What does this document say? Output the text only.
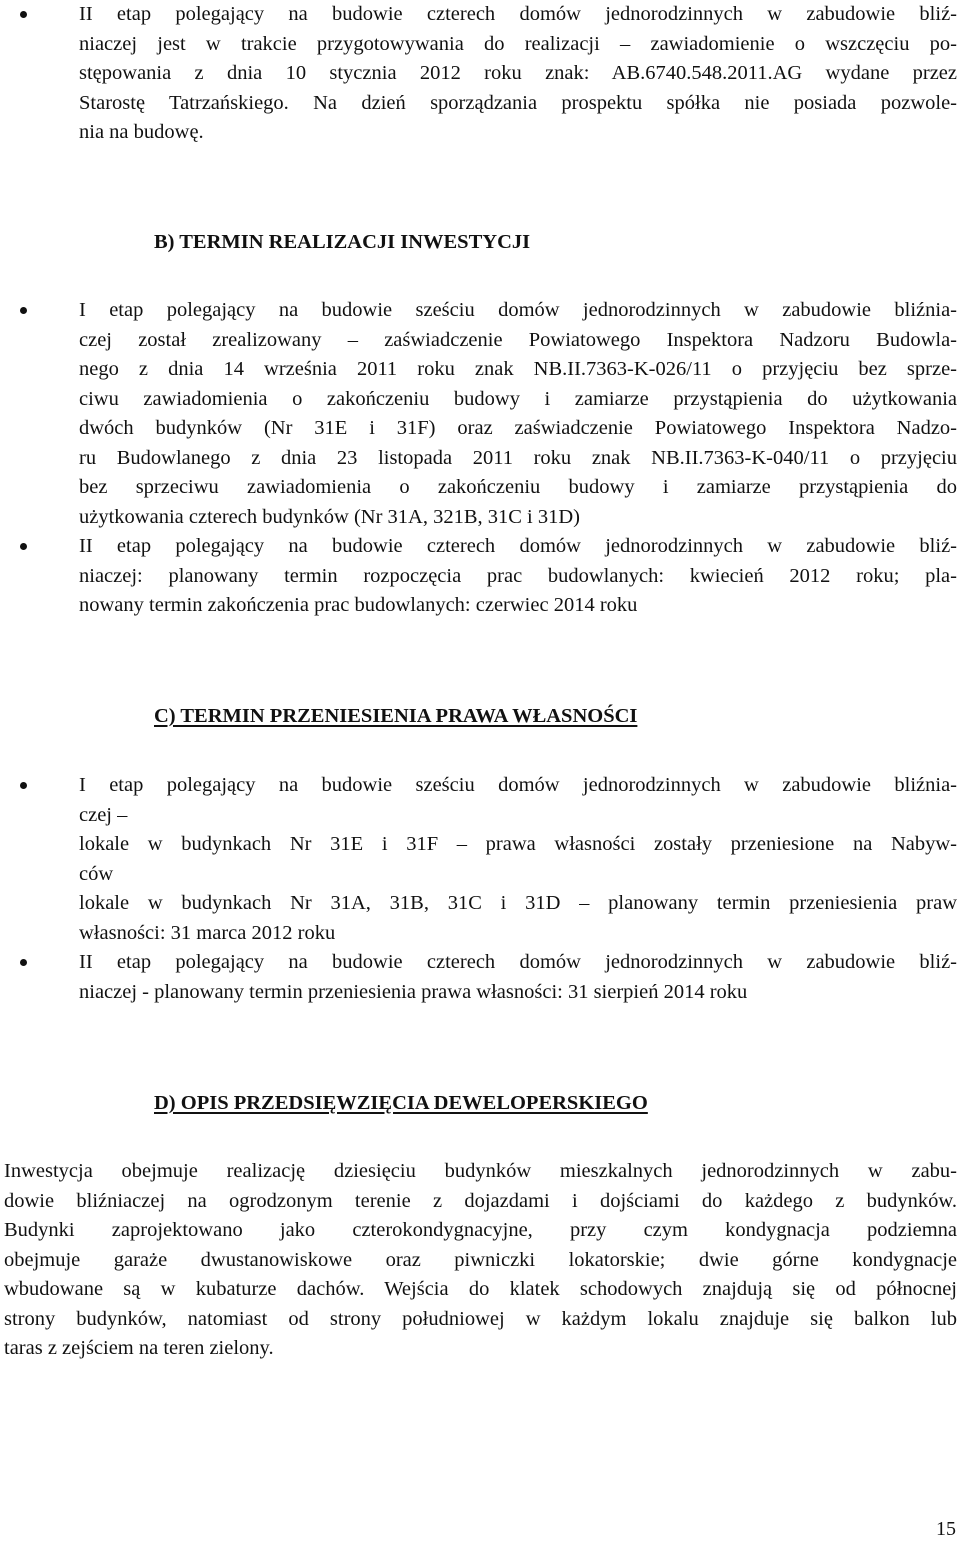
II etap polegający na budowie czterech domów jednorodzinnych w zabudowie bliź-
niaczej jest w trakcie przygotowywania do realizacji – zawiadomienie o wszczęciu po-
stępowania z dnia 10 stycznia 2012 roku znak: AB.6740.548.2011.AG wydane przez
Starostę Tatrzańskiego. Na dzień sporządzania prospektu spółka nie posiada pozwole-
nia na budowę.
B) TERMIN REALIZACJI INWESTYCJI
I etap polegający na budowie sześciu domów jednorodzinnych w zabudowie bliźnia-
czej został zrealizowany – zaświadczenie Powiatowego Inspektora Nadzoru Budowla-
nego z dnia 14 września 2011 roku znak NB.II.7363-K-026/11 o przyjęciu bez sprze-
ciwu zawiadomienia o zakończeniu budowy i zamiarze przystąpienia do użytkowania
dwóch budynków (Nr 31E i 31F) oraz zaświadczenie Powiatowego Inspektora Nadzo-
ru Budowlanego z dnia 23 listopada 2011 roku znak NB.II.7363-K-040/11 o przyjęciu
bez sprzeciwu zawiadomienia o zakończeniu budowy i zamiarze przystąpienia do
użytkowania czterech budynków (Nr 31A, 321B, 31C i 31D)
II etap polegający na budowie czterech domów jednorodzinnych w zabudowie bliź-
niaczej: planowany termin rozpoczęcia prac budowlanych: kwiecień 2012 roku; pla-
nowany termin zakończenia prac budowlanych: czerwiec 2014 roku
C) TERMIN PRZENIESIENIA PRAWA WŁASNOŚCI
I etap polegający na budowie sześciu domów jednorodzinnych w zabudowie bliźnia-
czej –
lokale w budynkach Nr 31E i 31F – prawa własności zostały przeniesione na Nabyw-
ców
lokale w budynkach Nr 31A, 31B, 31C i 31D – planowany termin przeniesienia praw
własności: 31 marca 2012 roku
II etap polegający na budowie czterech domów jednorodzinnych w zabudowie bliź-
niaczej - planowany termin przeniesienia prawa własności: 31 sierpień 2014 roku
D) OPIS PRZEDSIĘWZIĘCIA DEWELOPERSKIEGO
Inwestycja obejmuje realizację dziesięciu budynków mieszkalnych jednorodzinnych w zabu-
dowie bliźniaczej na ogrodzonym terenie z dojazdami i dojściami do każdego z budynków.
Budynki zaprojektowano jako czterokondygnacyjne, przy czym kondygnacja podziemna
obejmuje garaże dwustanowiskowe oraz piwniczki lokatorskie; dwie górne kondygnacje
wbudowane są w kubaturze dachów. Wejścia do klatek schodowych znajdują się od północnej
strony budynków, natomiast od strony południowej w każdym lokalu znajduje się balkon lub
taras z zejściem na teren zielony.
15
